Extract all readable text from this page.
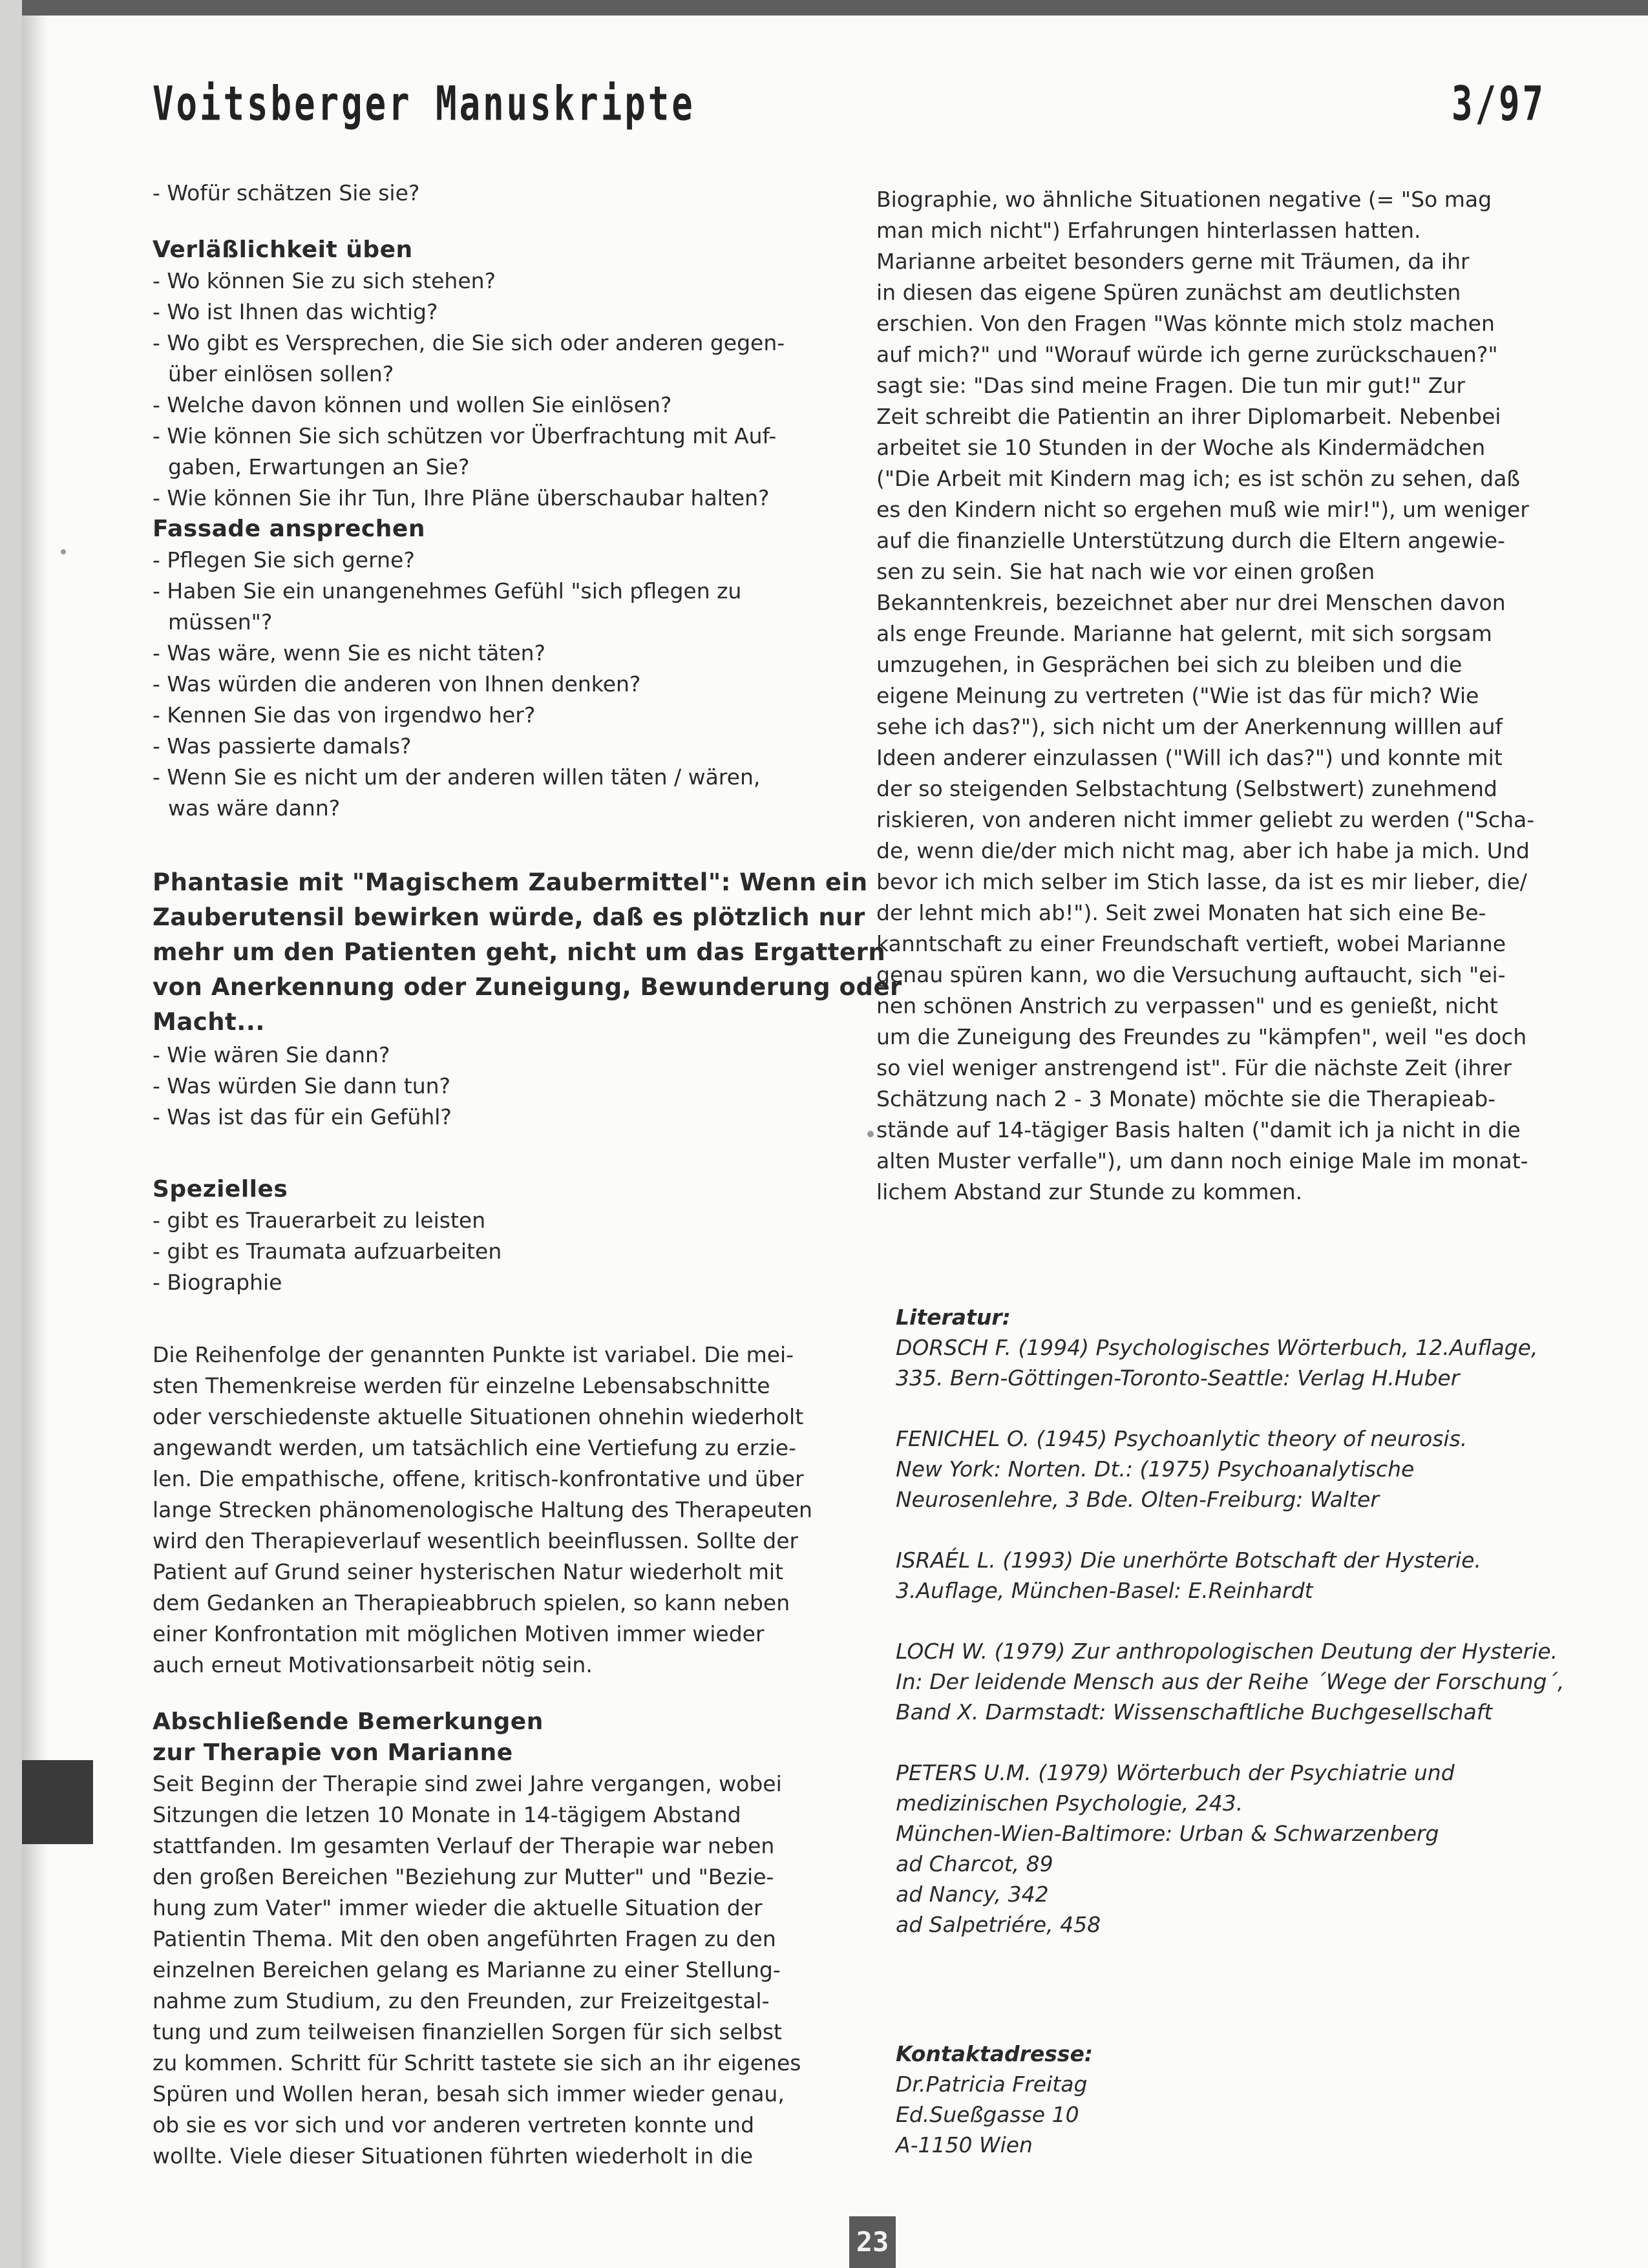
Voitsberger Manuskripte	3/97

- Wofür schätzen Sie sie?

Verläßlichkeit üben

- Wo können Sie zu sich stehen?

- Wo ist Ihnen das wichtig?

- Wo gibt es Versprechen, die Sie sich oder anderen gegen-

über einlösen sollen?

- Welche davon können und wollen Sie einlösen?

- Wie können Sie sich schützen vor Überfrachtung mit Auf-

gaben, Erwartungen an Sie?

- Wie können Sie ihr Tun, Ihre Pläne überschaubar halten?

Fassade ansprechen

- Pflegen Sie sich gerne?

- Haben Sie ein unangenehmes Gefühl "sich pflegen zu

müssen"?

- Was wäre, wenn Sie es nicht täten?

- Was würden die anderen von Ihnen denken?

- Kennen Sie das von irgendwo her?

- Was passierte damals?

- Wenn Sie es nicht um der anderen willen täten / wären,

was wäre dann?

Phantasie mit "Magischem Zaubermittel": Wenn ein

Zauberutensil bewirken würde, daß es plötzlich nur

mehr um den Patienten geht, nicht um das Ergattern

von Anerkennung oder Zuneigung, Bewunderung oder

Macht...

- Wie wären Sie dann?

- Was würden Sie dann tun?

- Was ist das für ein Gefühl?

Spezielles

- gibt es Trauerarbeit zu leisten

- gibt es Traumata aufzuarbeiten

- Biographie

Die Reihenfolge der genannten Punkte ist variabel. Die mei-

sten Themenkreise werden für einzelne Lebensabschnitte

oder verschiedenste aktuelle Situationen ohnehin wiederholt

angewandt werden, um tatsächlich eine Vertiefung zu erzie-

len. Die empathische, offene, kritisch-konfrontative und über

lange Strecken phänomenologische Haltung des Therapeuten

wird den Therapieverlauf wesentlich beeinflussen. Sollte der

Patient auf Grund seiner hysterischen Natur wiederholt mit

dem Gedanken an Therapieabbruch spielen, so kann neben

einer Konfrontation mit möglichen Motiven immer wieder

auch erneut Motivationsarbeit nötig sein.

Abschließende Bemerkungen

zur Therapie von Marianne

Seit Beginn der Therapie sind zwei Jahre vergangen, wobei

Sitzungen die letzen 10 Monate in 14-tägigem Abstand

stattfanden. Im gesamten Verlauf der Therapie war neben

den großen Bereichen "Beziehung zur Mutter" und "Bezie-

hung zum Vater" immer wieder die aktuelle Situation der

Patientin Thema. Mit den oben angeführten Fragen zu den

einzelnen Bereichen gelang es Marianne zu einer Stellung-

nahme zum Studium, zu den Freunden, zur Freizeitgestal-

tung und zum teilweisen finanziellen Sorgen für sich selbst

zu kommen. Schritt für Schritt tastete sie sich an ihr eigenes

Spüren und Wollen heran, besah sich immer wieder genau,

ob sie es vor sich und vor anderen vertreten konnte und

wollte. Viele dieser Situationen führten wiederholt in die

Biographie, wo ähnliche Situationen negative (= "So mag

man mich nicht") Erfahrungen hinterlassen hatten.

Marianne arbeitet besonders gerne mit Träumen, da ihr

in diesen das eigene Spüren zunächst am deutlichsten

erschien. Von den Fragen "Was könnte mich stolz machen

auf mich?" und "Worauf würde ich gerne zurückschauen?"

sagt sie: "Das sind meine Fragen. Die tun mir gut!" Zur

Zeit schreibt die Patientin an ihrer Diplomarbeit. Nebenbei

arbeitet sie 10 Stunden in der Woche als Kindermädchen

("Die Arbeit mit Kindern mag ich; es ist schön zu sehen, daß

es den Kindern nicht so ergehen muß wie mir!"), um weniger

auf die finanzielle Unterstützung durch die Eltern angewie-

sen zu sein. Sie hat nach wie vor einen großen

Bekanntenkreis, bezeichnet aber nur drei Menschen davon

als enge Freunde. Marianne hat gelernt, mit sich sorgsam

umzugehen, in Gesprächen bei sich zu bleiben und die

eigene Meinung zu vertreten ("Wie ist das für mich? Wie

sehe ich das?"), sich nicht um der Anerkennung willlen auf

Ideen anderer einzulassen ("Will ich das?") und konnte mit

der so steigenden Selbstachtung (Selbstwert) zunehmend

riskieren, von anderen nicht immer geliebt zu werden ("Scha-

de, wenn die/der mich nicht mag, aber ich habe ja mich. Und

bevor ich mich selber im Stich lasse, da ist es mir lieber, die/

der lehnt mich ab!"). Seit zwei Monaten hat sich eine Be-

kanntschaft zu einer Freundschaft vertieft, wobei Marianne

genau spüren kann, wo die Versuchung auftaucht, sich "ei-

nen schönen Anstrich zu verpassen" und es genießt, nicht

um die Zuneigung des Freundes zu "kämpfen", weil "es doch

so viel weniger anstrengend ist". Für die nächste Zeit (ihrer

Schätzung nach 2 - 3 Monate) möchte sie die Therapieab-

stände auf 14-tägiger Basis halten ("damit ich ja nicht in die

alten Muster verfalle"), um dann noch einige Male im monat-

lichem Abstand zur Stunde zu kommen.

Literatur:

DORSCH F. (1994) Psychologisches Wörterbuch, 12.Auflage,

335. Bern-Göttingen-Toronto-Seattle: Verlag H.Huber

FENICHEL O. (1945) Psychoanlytic theory of neurosis.

New York: Norten. Dt.: (1975) Psychoanalytische

Neurosenlehre, 3 Bde. Olten-Freiburg: Walter

ISRAÉL L. (1993) Die unerhörte Botschaft der Hysterie.

3.Auflage, München-Basel: E.Reinhardt

LOCH W. (1979) Zur anthropologischen Deutung der Hysterie.

In: Der leidende Mensch aus der Reihe ´Wege der Forschung´,

Band X. Darmstadt: Wissenschaftliche Buchgesellschaft

PETERS U.M. (1979) Wörterbuch der Psychiatrie und

medizinischen Psychologie, 243.

München-Wien-Baltimore: Urban & Schwarzenberg

ad Charcot, 89

ad Nancy, 342

ad Salpetriére, 458

Kontaktadresse:

Dr.Patricia Freitag

Ed.Sueßgasse 10

A-1150 Wien

23
